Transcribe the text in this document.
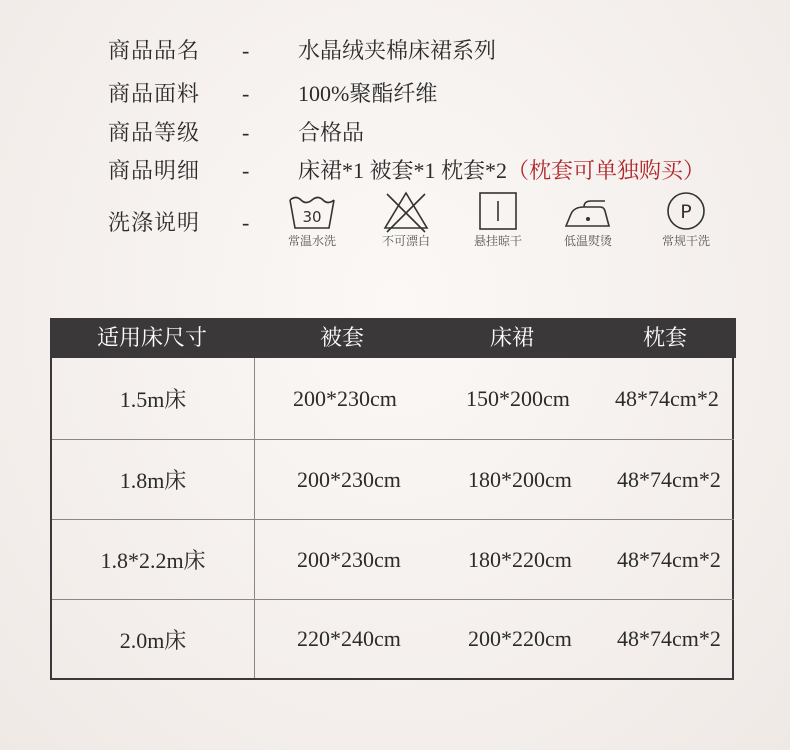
商品品名 - 水晶绒夹棉床裙系列
商品面料 - 100%聚酯纤维
商品等级 - 合格品
商品明细 - 床裙*1 被套*1 枕套*2（枕套可单独购买）
洗涤说明 -	30
常温水洗	不可漂白	悬挂晾干	低温熨烫
P
常规干洗
适用床尺寸	被套	床裙	枕套
1.5m床	200*230cm	150*200cm	48*74cm*2
1.8m床	200*230cm	180*200cm	48*74cm*2
1.8*2.2m床	200*230cm	180*220cm	48*74cm*2
2.0m床	220*240cm	200*220cm	48*74cm*2
